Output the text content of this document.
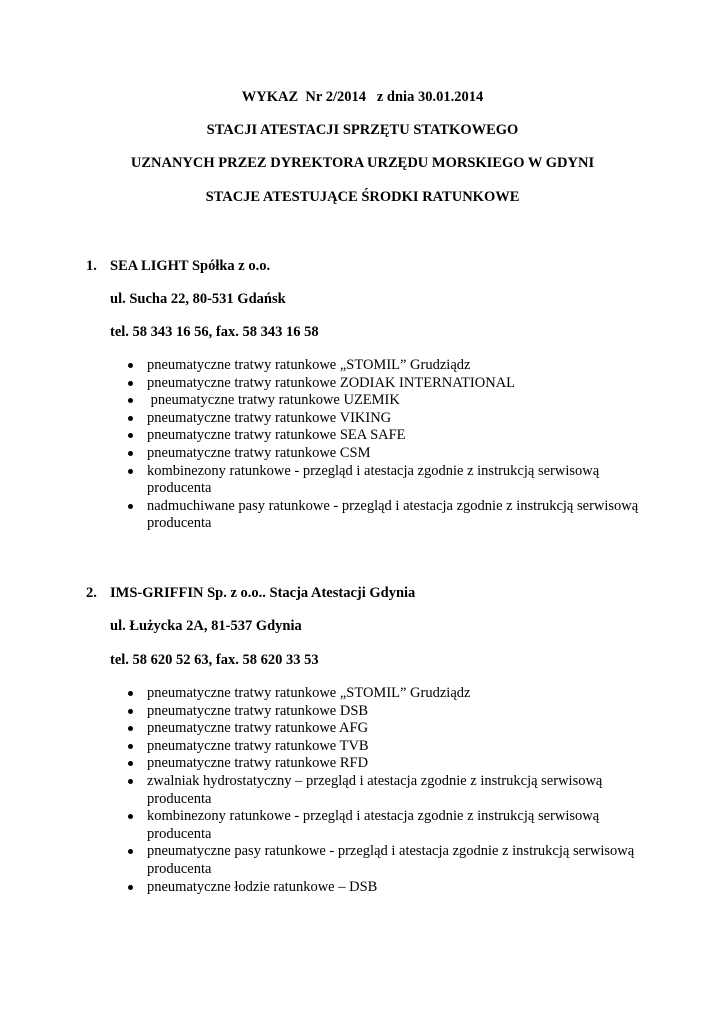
WYKAZ  Nr 2/2014   z dnia 30.01.2014
STACJI ATESTACJI SPRZĘTU STATKOWEGO
UZNANYCH PRZEZ DYREKTORA URZĘDU MORSKIEGO W GDYNI
STACJE ATESTUJĄCE ŚRODKI RATUNKOWE
1. SEA LIGHT Spółka z o.o.
ul. Sucha 22, 80-531 Gdańsk
tel. 58 343 16 56, fax. 58 343 16 58
pneumatyczne tratwy ratunkowe „STOMIL” Grudziądz
pneumatyczne tratwy ratunkowe ZODIAK INTERNATIONAL
pneumatyczne tratwy ratunkowe UZEMIK
pneumatyczne tratwy ratunkowe VIKING
pneumatyczne tratwy ratunkowe SEA SAFE
pneumatyczne tratwy ratunkowe CSM
kombinezony ratunkowe - przegląd i atestacja zgodnie z instrukcją serwisową producenta
nadmuchiwane pasy ratunkowe - przegląd i atestacja zgodnie z instrukcją serwisową producenta
2. IMS-GRIFFIN Sp. z o.o.. Stacja Atestacji Gdynia
ul. Łużycka 2A, 81-537 Gdynia
tel. 58 620 52 63, fax. 58 620 33 53
pneumatyczne tratwy ratunkowe „STOMIL” Grudziądz
pneumatyczne tratwy ratunkowe DSB
pneumatyczne tratwy ratunkowe AFG
pneumatyczne tratwy ratunkowe TVB
pneumatyczne tratwy ratunkowe RFD
zwalniak hydrostatyczny – przegląd i atestacja zgodnie z instrukcją serwisową producenta
kombinezony ratunkowe - przegląd i atestacja zgodnie z instrukcją serwisową producenta
pneumatyczne pasy ratunkowe - przegląd i atestacja zgodnie z instrukcją serwisową producenta
pneumatyczne łodzie ratunkowe – DSB
